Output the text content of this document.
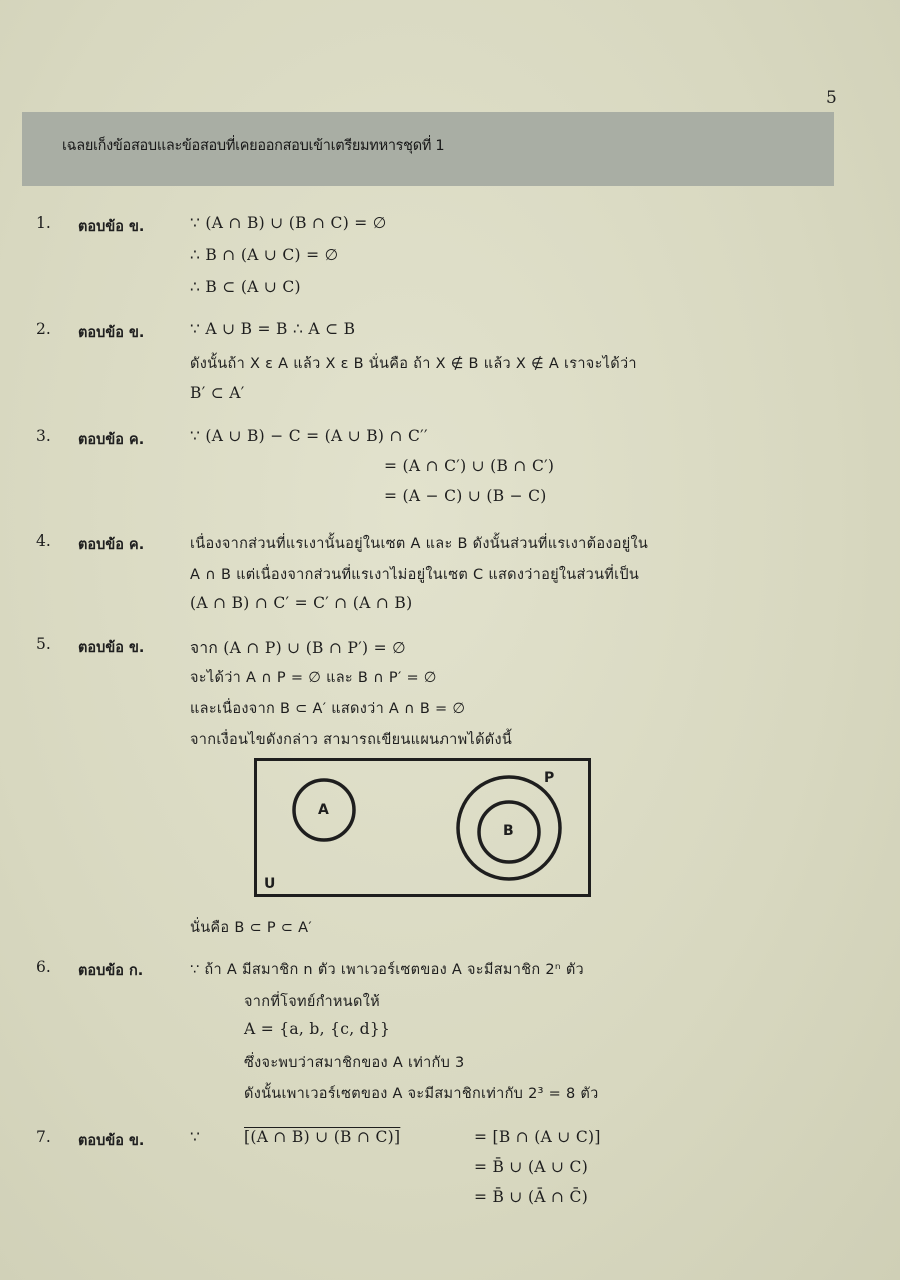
5
เฉลยเก็งข้อสอบและข้อสอบที่เคยออกสอบเข้าเตรียมทหารชุดที่ 1
1. ตอบข้อ ข.	∵ (A ∩ B) ∪ (B ∩ C) = ∅
∴ B ∩ (A ∪ C) = ∅
∴ B ⊂ (A ∪ C)
2. ตอบข้อ ข.	∵ A ∪ B = B ∴ A ⊂ B
ดังนั้นถ้า X ε A แล้ว X ε B นั่นคือ ถ้า X ∉ B แล้ว X ∉ A เราจะได้ว่า
B′ ⊂ A′
3. ตอบข้อ ค.	∵ (A ∪ B) − C = (A ∪ B) ∩ C′′
= (A ∩ C′) ∪ (B ∩ C′)
= (A − C) ∪ (B − C)
4. ตอบข้อ ค.	เนื่องจากส่วนที่แรเงานั้นอยู่ในเซต A และ B ดังนั้นส่วนที่แรเงาต้องอยู่ใน
A ∩ B แต่เนื่องจากส่วนที่แรเงาไม่อยู่ในเซต C แสดงว่าอยู่ในส่วนที่เป็น
(A ∩ B) ∩ C′ = C′ ∩ (A ∩ B)
5. ตอบข้อ ข.	จาก (A ∩ P) ∪ (B ∩ P′) = ∅
จะได้ว่า A ∩ P = ∅ และ B ∩ P′ = ∅
และเนื่องจาก B ⊂ A′ แสดงว่า A ∩ B = ∅
จากเงื่อนไขดังกล่าว สามารถเขียนแผนภาพได้ดังนี้
A
B
P
U
นั่นคือ B ⊂ P ⊂ A′
6. ตอบข้อ ก.	∵ ถ้า A มีสมาชิก n ตัว เพาเวอร์เซตของ A จะมีสมาชิก 2ⁿ ตัว
จากที่โจทย์กำหนดให้
A = {a, b, {c, d}}
ซึ่งจะพบว่าสมาชิกของ A เท่ากับ 3
ดังนั้นเพาเวอร์เซตของ A จะมีสมาชิกเท่ากับ 2³ = 8 ตัว
7. ตอบข้อ ข.	∵	[(A ∩ B) ∪ (B ∩ C)]	= [B ∩ (A ∪ C)]
= B̄ ∪ (A ∪ C)
= B̄ ∪ (Ā ∩ C̄)
